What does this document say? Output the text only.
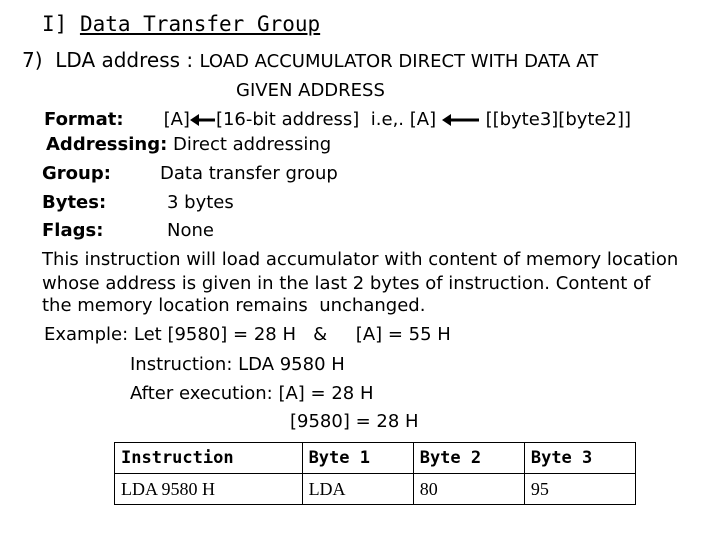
I] Data Transfer Group
7) LDA address : LOAD ACCUMULATOR DIRECT WITH DATA AT
GIVEN ADDRESS
Format: [A] [16-bit address] i.e,. [A]	[[byte3][byte2]]
Addressing: Direct addressing
Group:	Data transfer group
Bytes:	3 bytes
Flags:	None
This instruction will load accumulator with content of memory location
whose address is given in the last 2 bytes of instruction. Content of
the memory location remains  unchanged.
Example: Let [9580] = 28 H   &     [A] = 55 H
Instruction: LDA 9580 H
After execution: [A] = 28 H
[9580] = 28 H
Instruction	Byte 1	Byte 2	Byte 3
LDA 9580 H	LDA	80	95
